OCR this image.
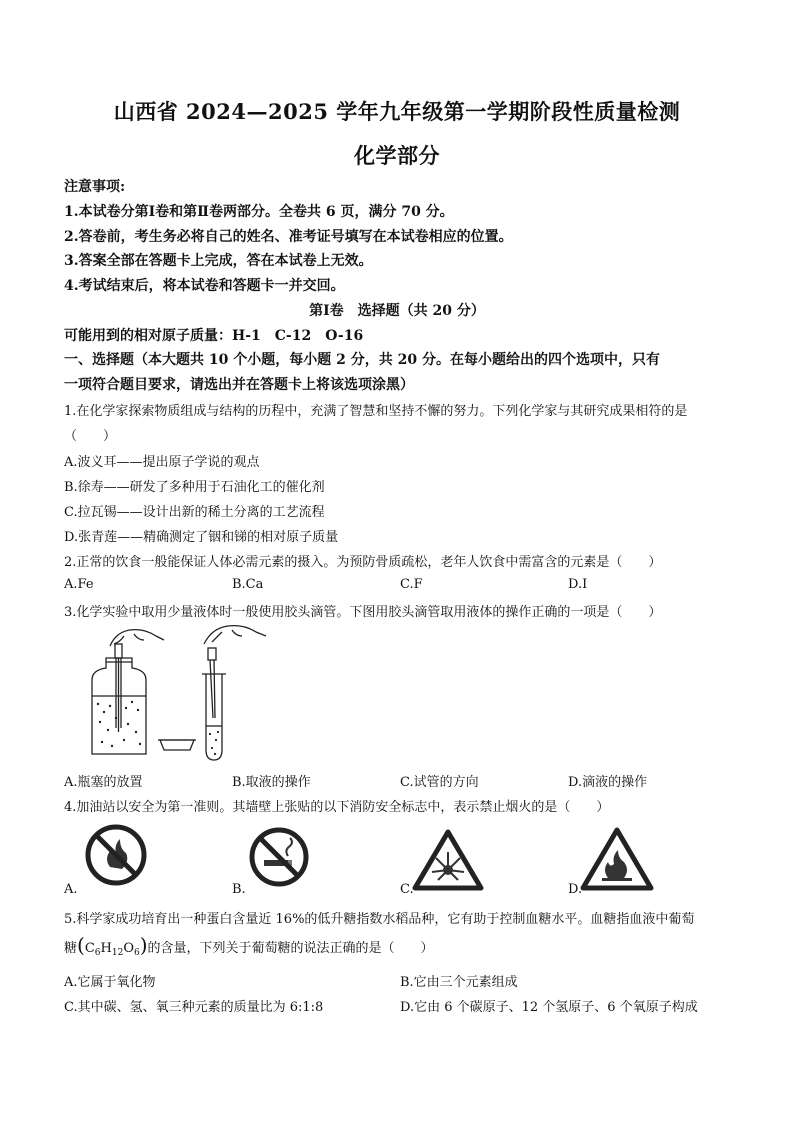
山西省 2024—2025 学年九年级第一学期阶段性质量检测
化学部分
注意事项:
1.本试卷分第Ⅰ卷和第Ⅱ卷两部分。全卷共 6 页，满分 70 分。
2.答卷前，考生务必将自己的姓名、准考证号填写在本试卷相应的位置。
3.答案全部在答题卡上完成，答在本试卷上无效。
4.考试结束后，将本试卷和答题卡一并交回。
第Ⅰ卷　选择题（共 20 分）
可能用到的相对原子质量：H-1　C-12　O-16
一、选择题（本大题共 10 个小题，每小题 2 分，共 20 分。在每小题给出的四个选项中，只有
一项符合题目要求，请选出并在答题卡上将该选项涂黑）
1.在化学家探索物质组成与结构的历程中，充满了智慧和坚持不懈的努力。下列化学家与其研究成果相符的是
（　　）
A.波义耳——提出原子学说的观点
B.徐寿——研发了多种用于石油化工的催化剂
C.拉瓦锡——设计出新的稀土分离的工艺流程
D.张青莲——精确测定了铟和锑的相对原子质量
2.正常的饮食一般能保证人体必需元素的摄入。为预防骨质疏松，老年人饮食中需富含的元素是（　　）
A.Fe	B.Ca	C.F	D.I
3.化学实验中取用少量液体时一般使用胶头滴管。下图用胶头滴管取用液体的操作正确的一项是（　　）
A.瓶塞的放置	B.取液的操作	C.试管的方向	D.滴液的操作
4.加油站以安全为第一准则。其墙壁上张贴的以下消防安全标志中，表示禁止烟火的是（　　）
A.	B.	C.	D.
5.科学家成功培育出一种蛋白含量近 16%的低升糖指数水稻品种，它有助于控制血糖水平。血糖指血液中葡萄
糖$(C_6H_{12}O_6)$的含量，下列关于葡萄糖的说法正确的是（　　）
A.它属于氧化物	B.它由三个元素组成
C.其中碳、氢、氧三种元素的质量比为 6:1:8	D.它由 6 个碳原子、12 个氢原子、6 个氧原子构成
